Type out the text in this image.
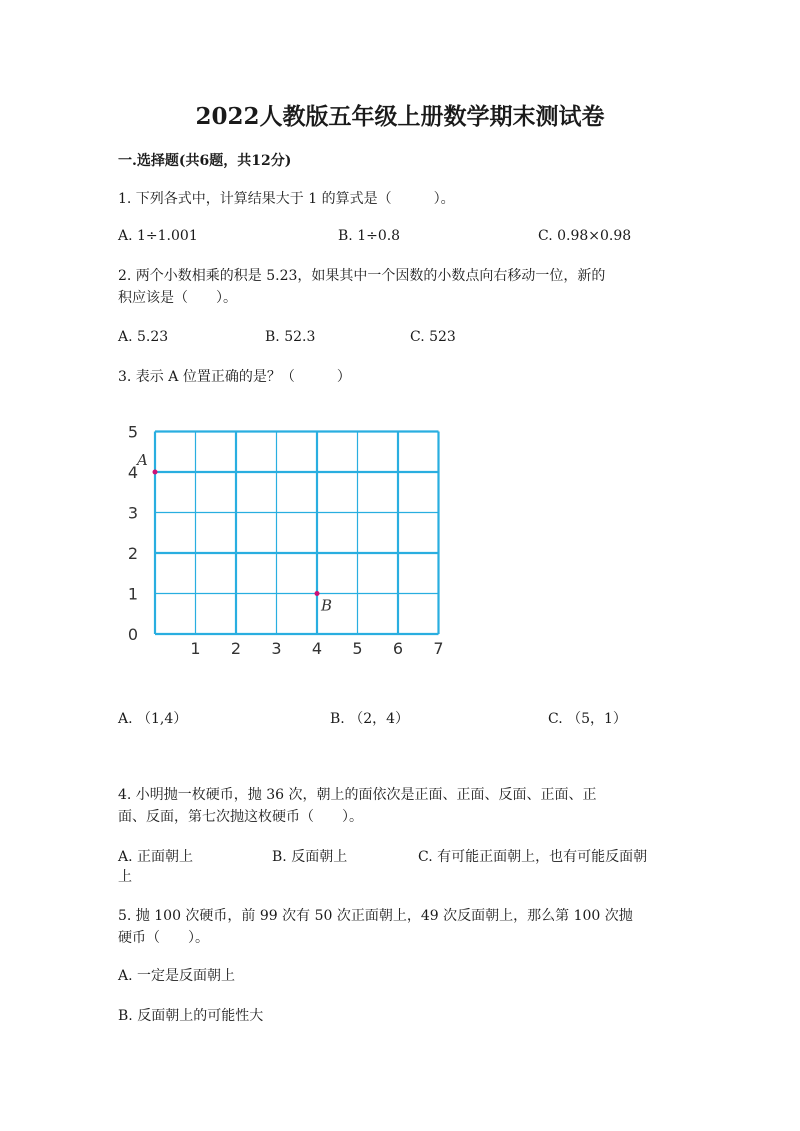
2022人教版五年级上册数学期末测试卷
一.选择题(共6题，共12分)
1. 下列各式中，计算结果大于 1 的算式是（　　　）。
A. 1÷1.001	B. 1÷0.8	C. 0.98×0.98
2. 两个小数相乘的积是 5.23，如果其中一个因数的小数点向右移动一位，新的
积应该是（　　）。
A. 5.23	B. 52.3	C. 523
3. 表示 A 位置正确的是？（　　　）
0
1
2
3
4
5
1 2 3 4 5 6 7
A
B
A. （1,4）	B. （2，4）	C. （5，1）
4. 小明抛一枚硬币，抛 36 次，朝上的面依次是正面、正面、反面、正面、正
面、反面，第七次抛这枚硬币（　　）。
A. 正面朝上	B. 反面朝上	C. 有可能正面朝上，也有可能反面朝
上
5. 抛 100 次硬币，前 99 次有 50 次正面朝上，49 次反面朝上，那么第 100 次抛
硬币（　　）。
A. 一定是反面朝上
B. 反面朝上的可能性大
